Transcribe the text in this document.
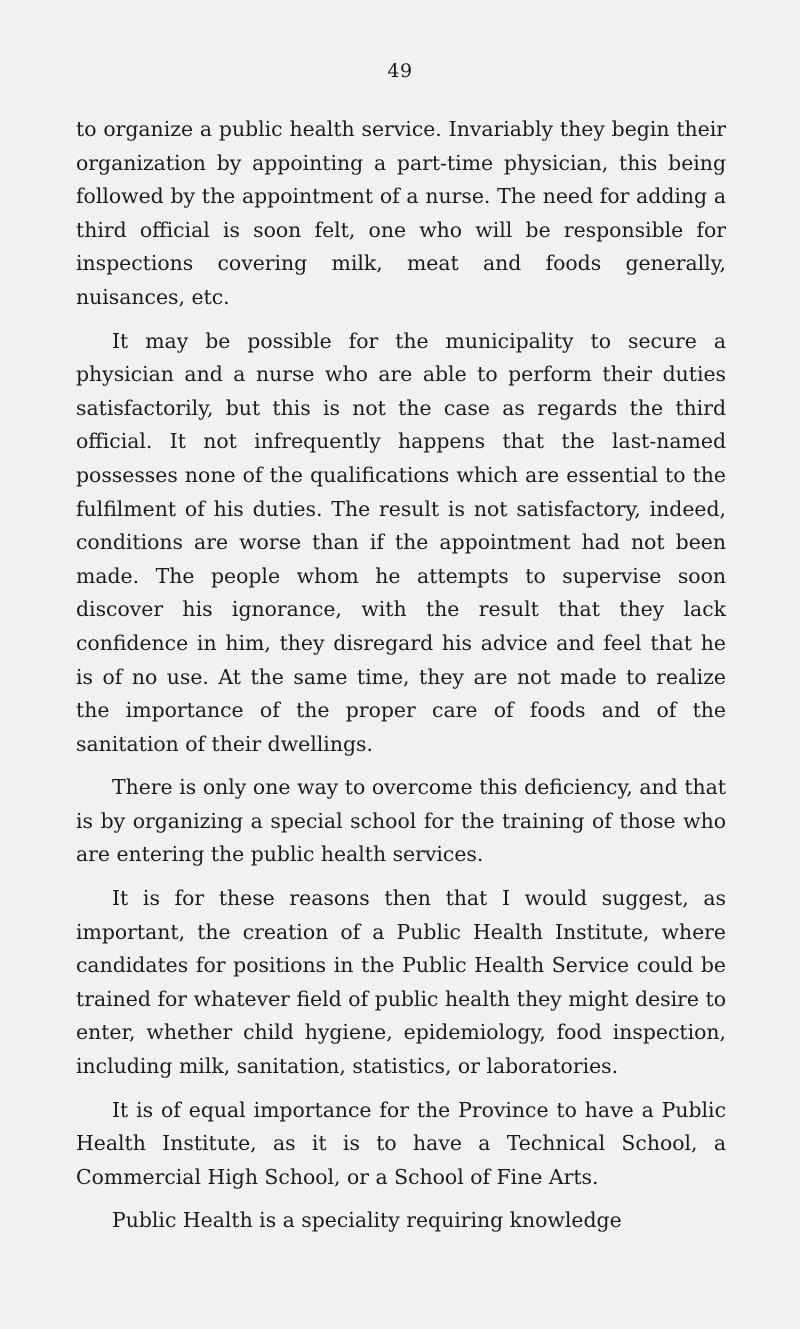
49

to organize a public health service. Invariably they begin their organization by appointing a part-time physician, this being followed by the appointment of a nurse. The need for adding a third official is soon felt, one who will be responsible for inspections covering milk, meat and foods generally, nuisances, etc.

It may be possible for the municipality to secure a physician and a nurse who are able to perform their duties satisfactorily, but this is not the case as regards the third official. It not infrequently happens that the last-named possesses none of the qualifications which are essential to the fulfilment of his duties. The result is not satisfactory, indeed, conditions are worse than if the appointment had not been made. The people whom he attempts to supervise soon discover his ignorance, with the result that they lack confidence in him, they disregard his advice and feel that he is of no use. At the same time, they are not made to realize the importance of the proper care of foods and of the sanitation of their dwellings.

There is only one way to overcome this deficiency, and that is by organizing a special school for the training of those who are entering the public health services.

It is for these reasons then that I would suggest, as important, the creation of a Public Health Institute, where candidates for positions in the Public Health Service could be trained for whatever field of public health they might desire to enter, whether child hygiene, epidemiology, food inspection, including milk, sanitation, statistics, or laboratories.

It is of equal importance for the Province to have a Public Health Institute, as it is to have a Technical School, a Commercial High School, or a School of Fine Arts.

Public Health is a speciality requiring knowledge
